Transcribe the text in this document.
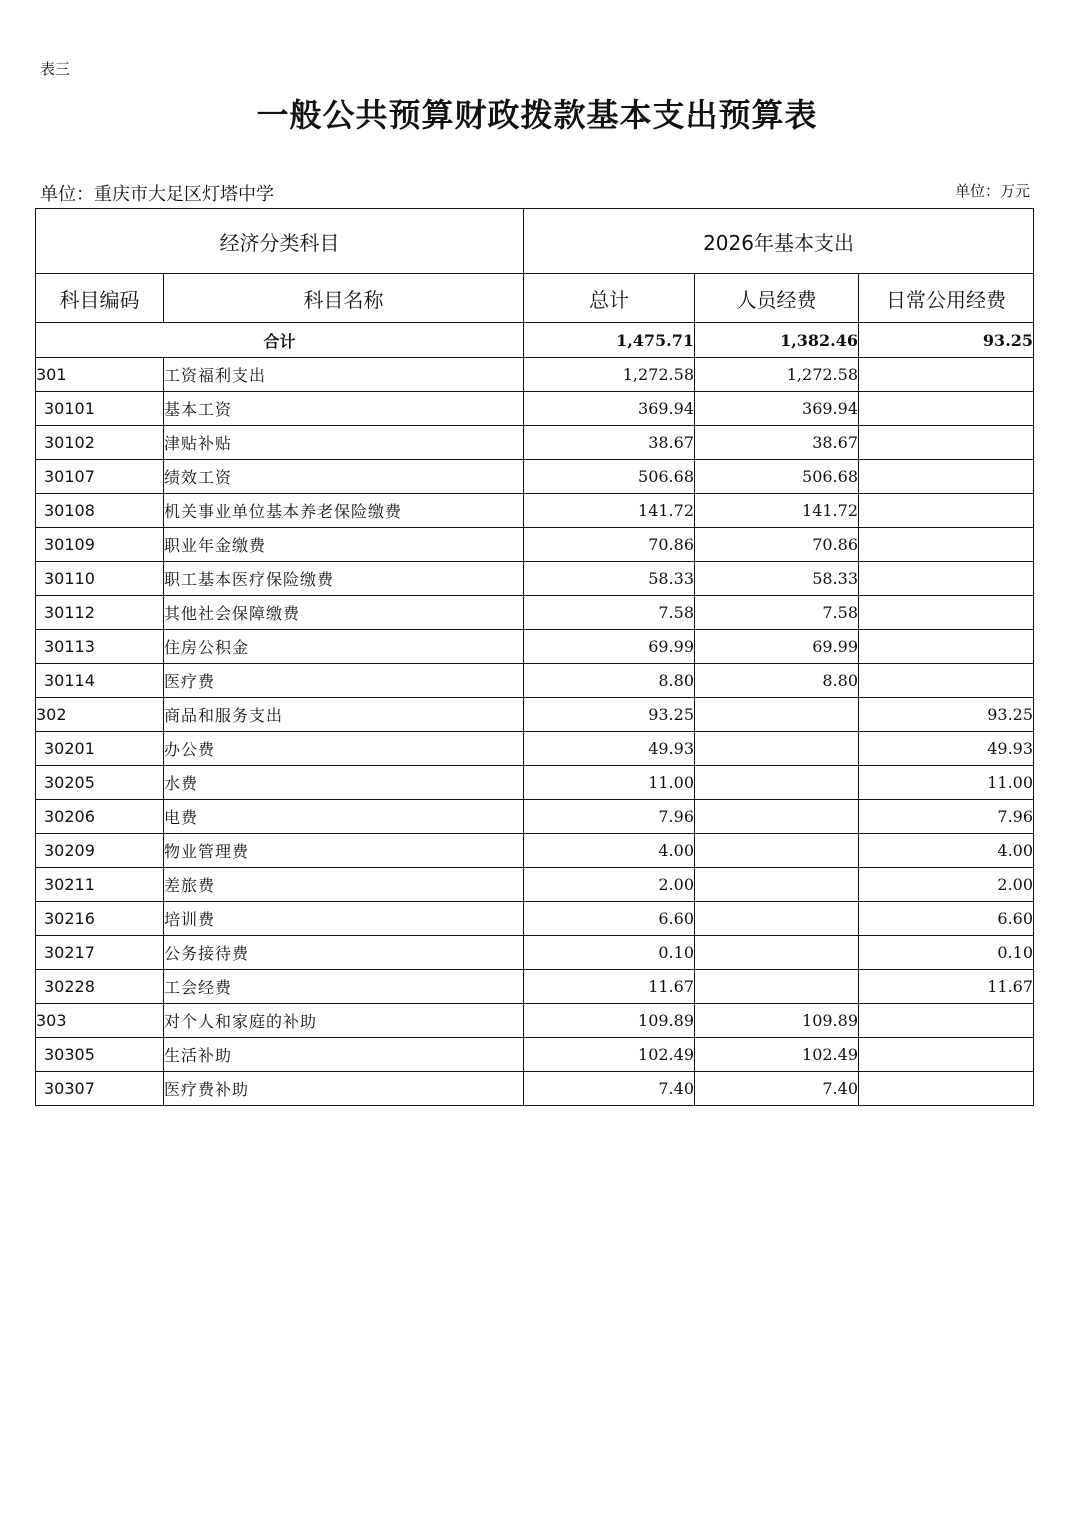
表三
一般公共预算财政拨款基本支出预算表
单位：重庆市大足区灯塔中学	单位：万元
经济分类科目		2026年基本支出		
科目编码	科目名称	总计	人员经费	日常公用经费
合计		1,475.71	1,382.46	93.25
301	工资福利支出	1,272.58	1,272.58	
30101	基本工资	369.94	369.94	
30102	津贴补贴	38.67	38.67	
30107	绩效工资	506.68	506.68	
30108	机关事业单位基本养老保险缴费	141.72	141.72	
30109	职业年金缴费	70.86	70.86	
30110	职工基本医疗保险缴费	58.33	58.33	
30112	其他社会保障缴费	7.58	7.58	
30113	住房公积金	69.99	69.99	
30114	医疗费	8.80	8.80	
302	商品和服务支出	93.25		93.25
30201	办公费	49.93		49.93
30205	水费	11.00		11.00
30206	电费	7.96		7.96
30209	物业管理费	4.00		4.00
30211	差旅费	2.00		2.00
30216	培训费	6.60		6.60
30217	公务接待费	0.10		0.10
30228	工会经费	11.67		11.67
303	对个人和家庭的补助	109.89	109.89	
30305	生活补助	102.49	102.49	
30307	医疗费补助	7.40	7.40	
